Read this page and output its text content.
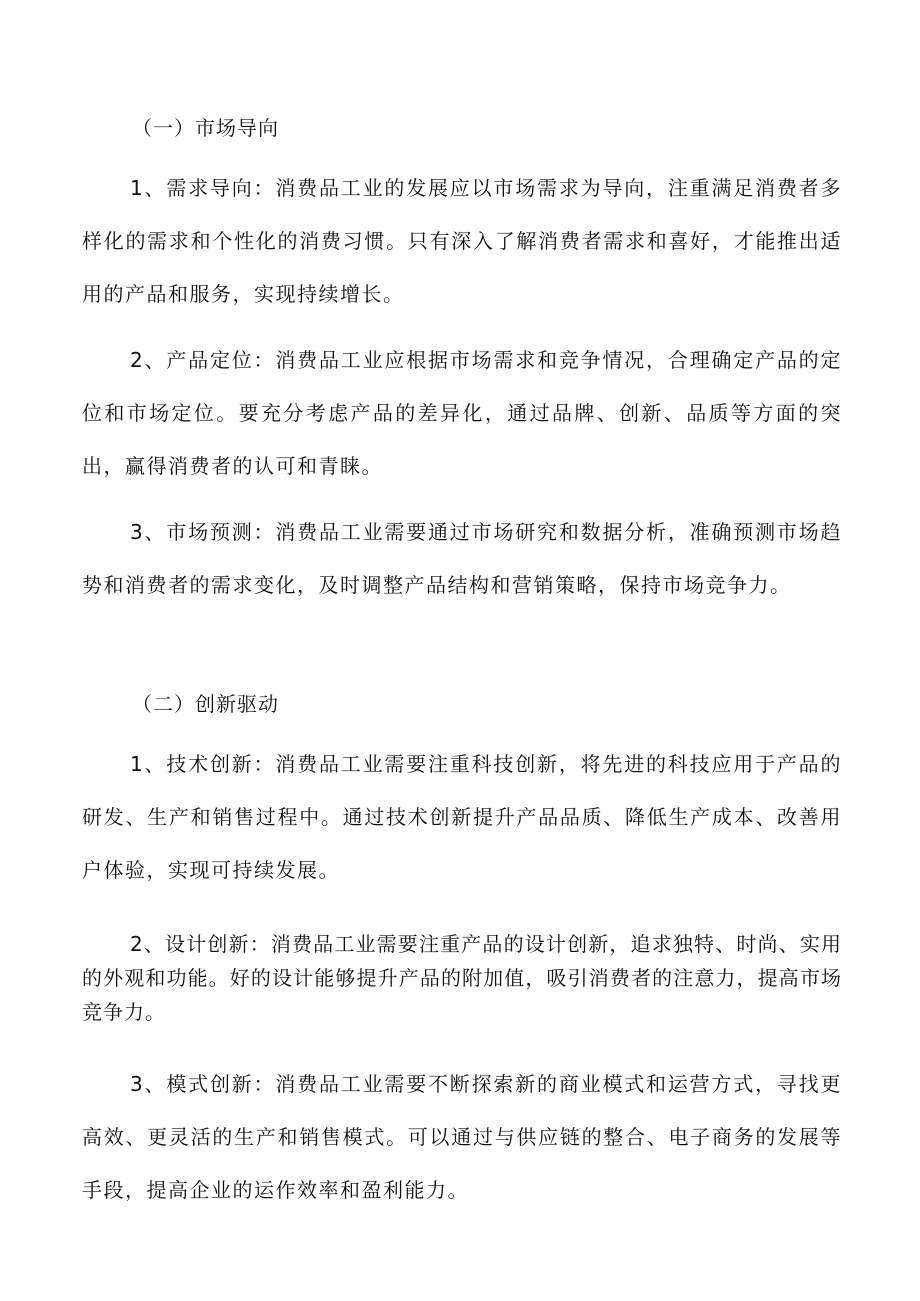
（一）市场导向

1、需求导向：消费品工业的发展应以市场需求为导向，注重满足消费者多样化的需求和个性化的消费习惯。只有深入了解消费者需求和喜好，才能推出适用的产品和服务，实现持续增长。

2、产品定位：消费品工业应根据市场需求和竞争情况，合理确定产品的定位和市场定位。要充分考虑产品的差异化，通过品牌、创新、品质等方面的突出，赢得消费者的认可和青睐。

3、市场预测：消费品工业需要通过市场研究和数据分析，准确预测市场趋势和消费者的需求变化，及时调整产品结构和营销策略，保持市场竞争力。

（二）创新驱动

1、技术创新：消费品工业需要注重科技创新，将先进的科技应用于产品的研发、生产和销售过程中。通过技术创新提升产品品质、降低生产成本、改善用户体验，实现可持续发展。

2、设计创新：消费品工业需要注重产品的设计创新，追求独特、时尚、实用的外观和功能。好的设计能够提升产品的附加值，吸引消费者的注意力，提高市场竞争力。

3、模式创新：消费品工业需要不断探索新的商业模式和运营方式，寻找更高效、更灵活的生产和销售模式。可以通过与供应链的整合、电子商务的发展等手段，提高企业的运作效率和盈利能力。
